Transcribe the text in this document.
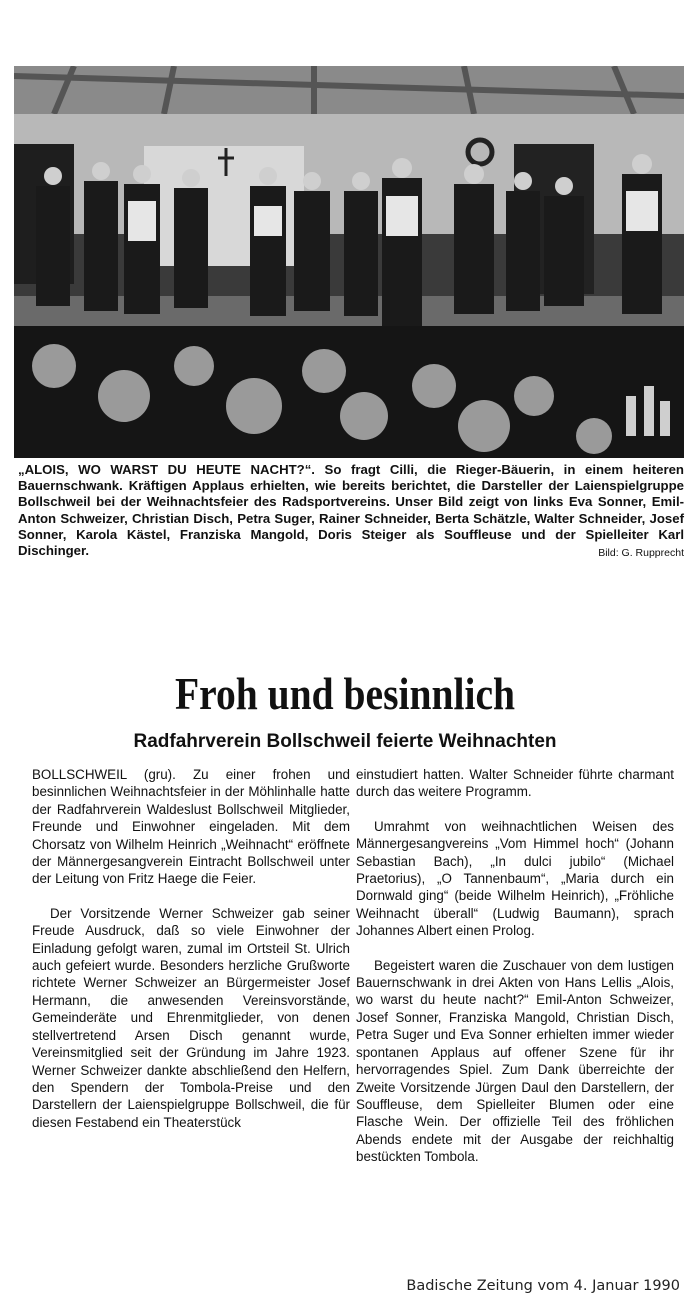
„ALOIS, WO WARST DU HEUTE NACHT?“. So fragt Cilli, die Rieger-Bäuerin, in einem heiteren Bauernschwank. Kräftigen Applaus erhielten, wie bereits berichtet, die Darsteller der Laienspielgruppe Bollschweil bei der Weihnachtsfeier des Radsportvereins. Unser Bild zeigt von links Eva Sonner, Emil-Anton Schweizer, Christian Disch, Petra Suger, Rainer Schneider, Berta Schätzle, Walter Schneider, Josef Sonner, Karola Kästel, Franziska Mangold, Doris Steiger als Souffleuse und der Spielleiter Karl Dischinger.	Bild: G. Rupprecht

Froh und besinnlich
Radfahrverein Bollschweil feierte Weihnachten

BOLLSCHWEIL (gru). Zu einer frohen und besinnlichen Weihnachtsfeier in der Möhlinhalle hatte der Radfahrverein Waldeslust Bollschweil Mitglieder, Freunde und Einwohner eingeladen. Mit dem Chorsatz von Wilhelm Heinrich „Weihnacht“ eröffnete der Männergesangverein Eintracht Bollschweil unter der Leitung von Fritz Haege die Feier.

Der Vorsitzende Werner Schweizer gab seiner Freude Ausdruck, daß so viele Einwohner der Einladung gefolgt waren, zumal im Ortsteil St. Ulrich auch gefeiert wurde. Besonders herzliche Grußworte richtete Werner Schweizer an Bürgermeister Josef Hermann, die anwesenden Vereinsvorstände, Gemeinderäte und Ehrenmitglieder, von denen stellvertretend Arsen Disch genannt wurde, Vereinsmitglied seit der Gründung im Jahre 1923. Werner Schweizer dankte abschließend den Helfern, den Spendern der Tombola-Preise und den Darstellern der Laienspielgruppe Bollschweil, die für diesen Festabend ein Theaterstück

einstudiert hatten. Walter Schneider führte charmant durch das weitere Programm.

Umrahmt von weihnachtlichen Weisen des Männergesangvereins „Vom Himmel hoch“ (Johann Sebastian Bach), „In dulci jubilo“ (Michael Praetorius), „O Tannenbaum“, „Maria durch ein Dornwald ging“ (beide Wilhelm Heinrich), „Fröhliche Weihnacht überall“ (Ludwig Baumann), sprach Johannes Albert einen Prolog.

Begeistert waren die Zuschauer von dem lustigen Bauernschwank in drei Akten von Hans Lellis „Alois, wo warst du heute nacht?“ Emil-Anton Schweizer, Josef Sonner, Franziska Mangold, Christian Disch, Petra Suger und Eva Sonner erhielten immer wieder spontanen Applaus auf offener Szene für ihr hervorragendes Spiel. Zum Dank überreichte der Zweite Vorsitzende Jürgen Daul den Darstellern, der Souffleuse, dem Spielleiter Blumen oder eine Flasche Wein. Der offizielle Teil des fröhlichen Abends endete mit der Ausgabe der reichhaltig bestückten Tombola.

Badische Zeitung vom 4. Januar 1990
